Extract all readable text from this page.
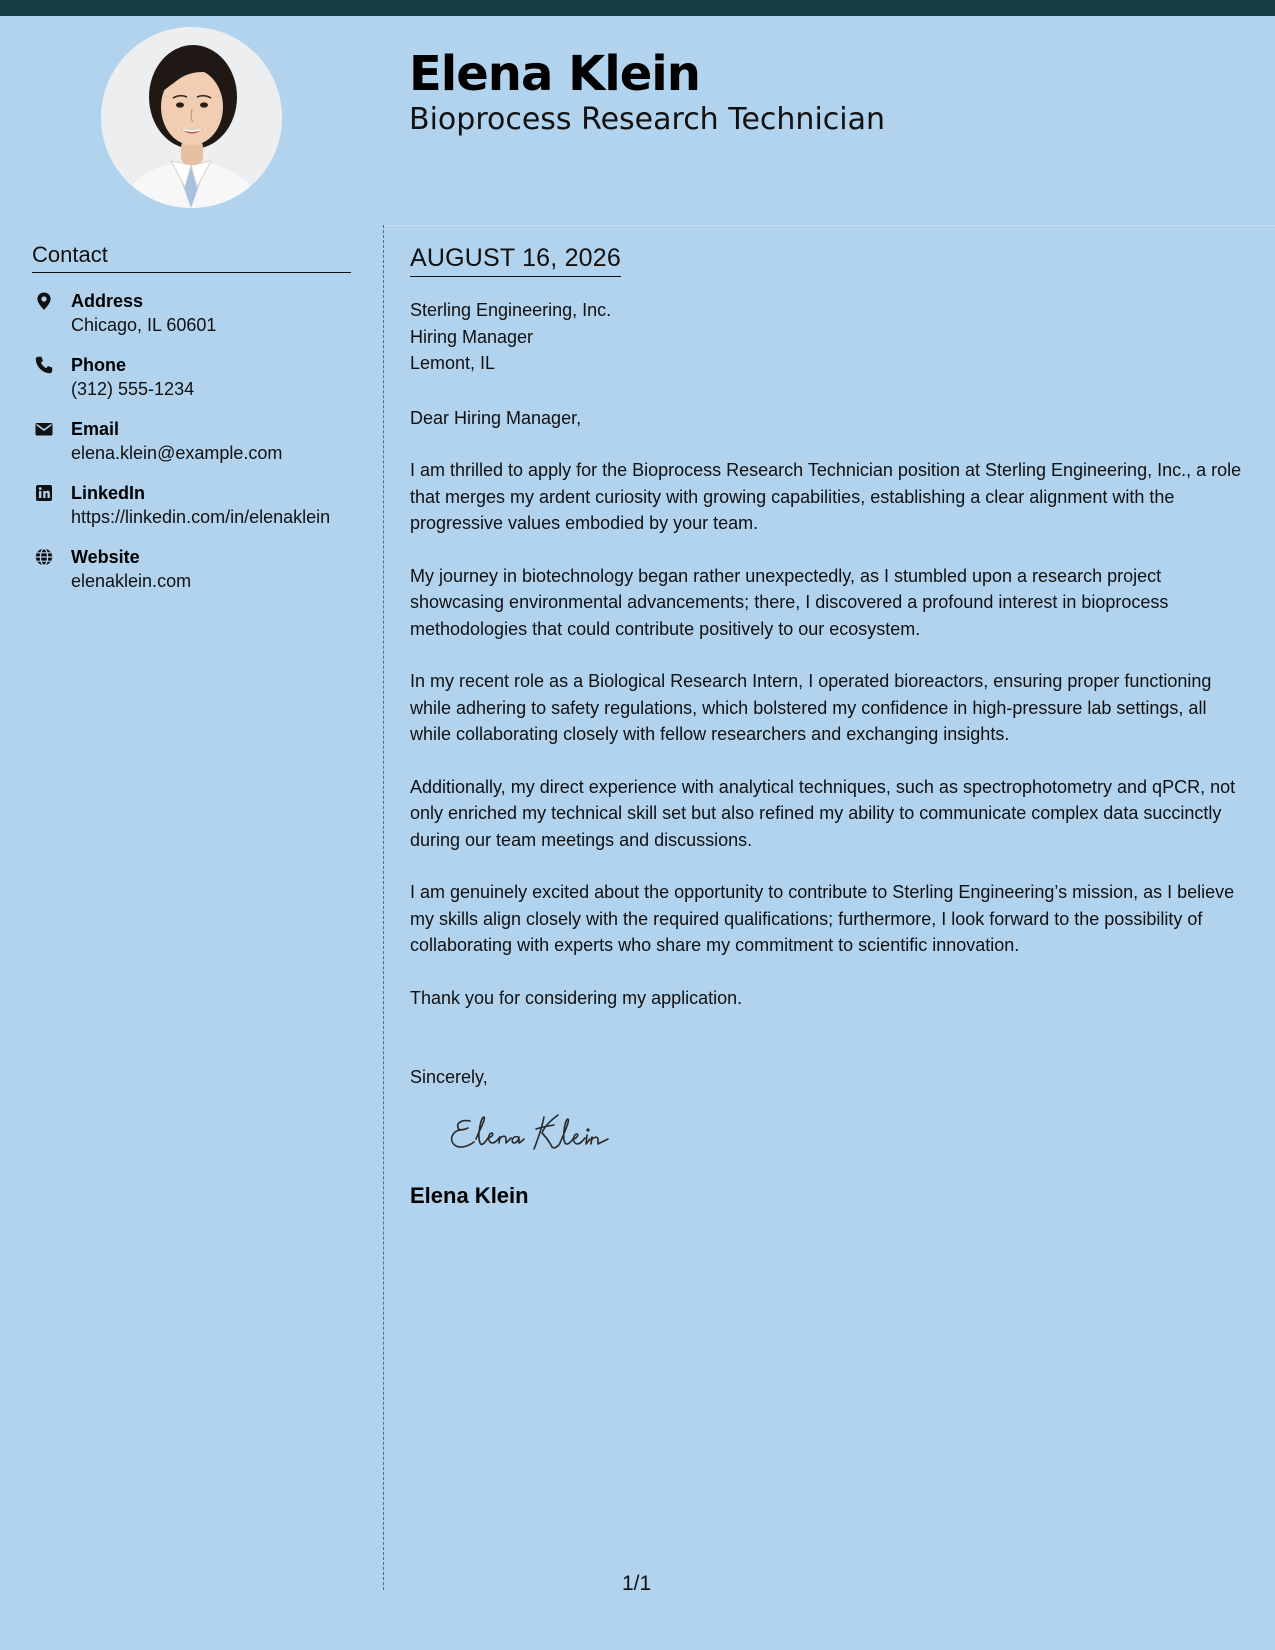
Elena Klein
Bioprocess Research Technician
Contact
Address
Chicago, IL 60601
Phone
(312) 555-1234
Email
elena.klein@example.com
LinkedIn
https://linkedin.com/in/elenaklein
Website
elenaklein.com
AUGUST 16, 2026
Sterling Engineering, Inc.
Hiring Manager
Lemont, IL
Dear Hiring Manager,

I am thrilled to apply for the Bioprocess Research Technician position at Sterling Engineering, Inc., a role that merges my ardent curiosity with growing capabilities, establishing a clear alignment with the progressive values embodied by your team.

My journey in biotechnology began rather unexpectedly, as I stumbled upon a research project showcasing environmental advancements; there, I discovered a profound interest in bioprocess methodologies that could contribute positively to our ecosystem.

In my recent role as a Biological Research Intern, I operated bioreactors, ensuring proper functioning while adhering to safety regulations, which bolstered my confidence in high-pressure lab settings, all while collaborating closely with fellow researchers and exchanging insights.

Additionally, my direct experience with analytical techniques, such as spectrophotometry and qPCR, not only enriched my technical skill set but also refined my ability to communicate complex data succinctly during our team meetings and discussions.

I am genuinely excited about the opportunity to contribute to Sterling Engineering’s mission, as I believe my skills align closely with the required qualifications; furthermore, I look forward to the possibility of collaborating with experts who share my commitment to scientific innovation.

Thank you for considering my application.

Sincerely,
Elena Klein
1/1
